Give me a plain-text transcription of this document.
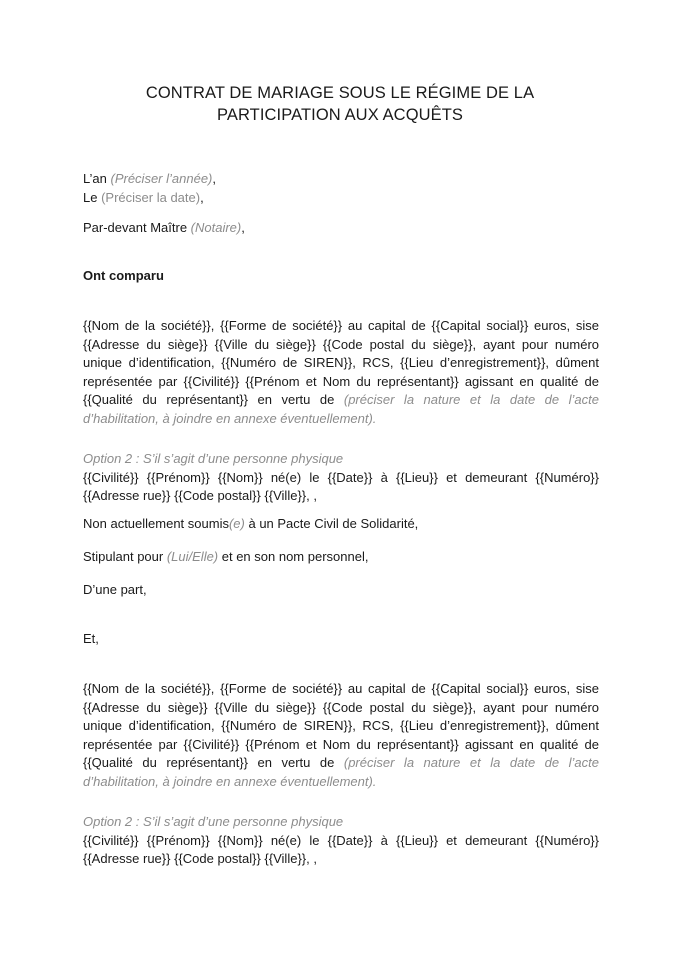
CONTRAT DE MARIAGE SOUS LE RÉGIME DE LA
PARTICIPATION AUX ACQUÊTS
L’an (Préciser l’année),
Le (Préciser la date),
Par-devant Maître (Notaire),
Ont comparu
{{Nom de la société}}, {{Forme de société}} au capital de {{Capital social}} euros, sise
{{Adresse du siège}} {{Ville du siège}} {{Code postal du siège}}, ayant pour numéro
unique d’identification, {{Numéro de SIREN}}, RCS, {{Lieu d’enregistrement}}, dûment
représentée par {{Civilité}} {{Prénom et Nom du représentant}} agissant en qualité de
{{Qualité du représentant}} en vertu de (préciser la nature et la date de l’acte
d’habilitation, à joindre en annexe éventuellement).
Option 2 : S’il s’agit d’une personne physique
{{Civilité}} {{Prénom}} {{Nom}} né(e) le {{Date}} à {{Lieu}} et demeurant {{Numéro}}
{{Adresse rue}} {{Code postal}} {{Ville}}, ,
Non actuellement soumis(e) à un Pacte Civil de Solidarité,
Stipulant pour (Lui/Elle) et en son nom personnel,
D’une part,
Et,
{{Nom de la société}}, {{Forme de société}} au capital de {{Capital social}} euros, sise
{{Adresse du siège}} {{Ville du siège}} {{Code postal du siège}}, ayant pour numéro
unique d’identification, {{Numéro de SIREN}}, RCS, {{Lieu d’enregistrement}}, dûment
représentée par {{Civilité}} {{Prénom et Nom du représentant}} agissant en qualité de
{{Qualité du représentant}} en vertu de (préciser la nature et la date de l’acte
d’habilitation, à joindre en annexe éventuellement).
Option 2 : S’il s’agit d’une personne physique
{{Civilité}} {{Prénom}} {{Nom}} né(e) le {{Date}} à {{Lieu}} et demeurant {{Numéro}}
{{Adresse rue}} {{Code postal}} {{Ville}}, ,
